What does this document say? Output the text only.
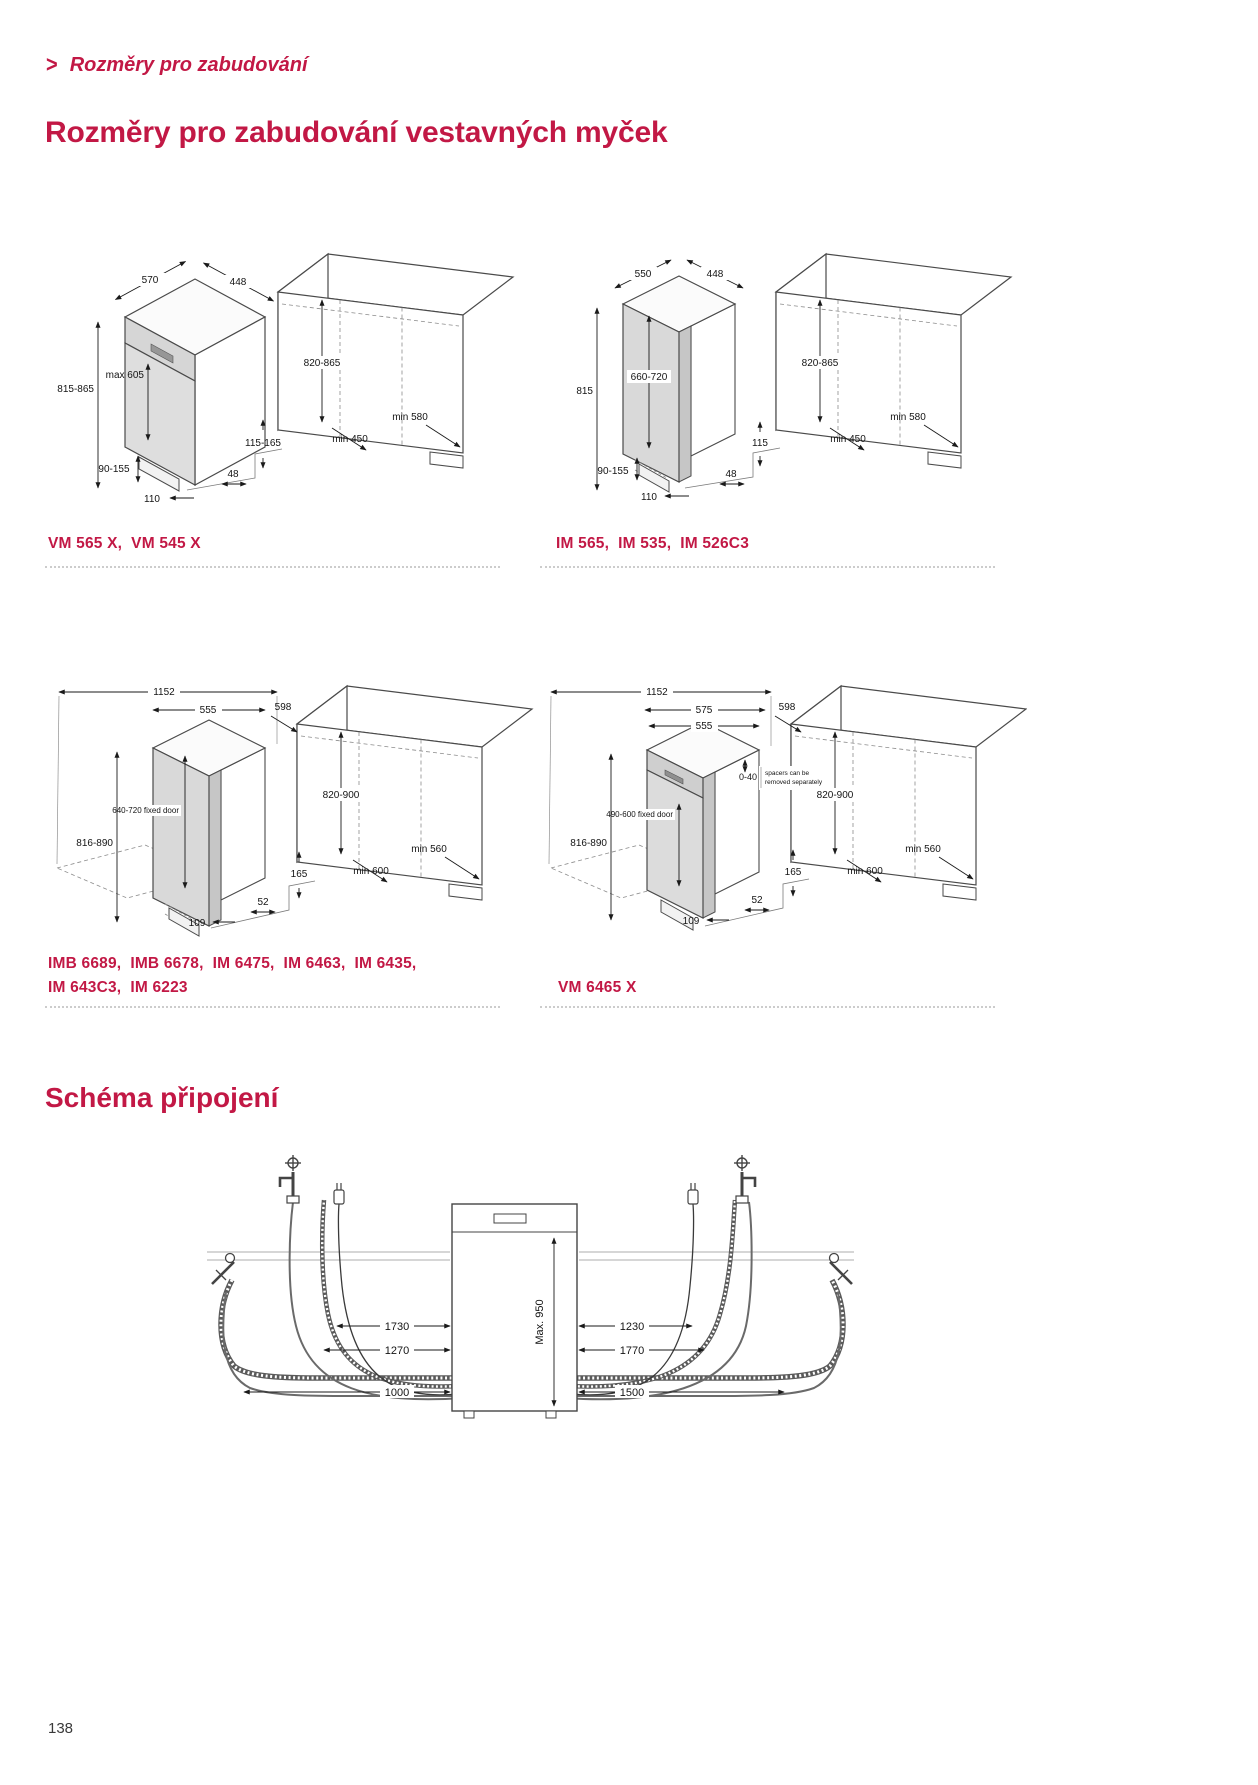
> Rozměry pro zabudování
Rozměry pro zabudování vestavných myček
570	448
815-865
max 605
90-155
110
48
115-165
820-865
min 450
min 580
550	448
815
660-720
90-155
110
48
115
820-865
min 450
min 580
VM 565 X,  VM 545 X	IM 565,  IM 535,  IM 526C3
1152
555	598
640-720 fixed door
816-890
109
52
165
820-900
min 600
min 560
1152
575
555
598
0-40 spacers can be
removed separately
490-600 fixed door
816-890
109
52
165
820-900
min 600
min 560
IMB 6689,  IMB 6678,  IM 6475,  IM 6463,  IM 6435,
IM 643C3,  IM 6223	VM 6465 X
Schéma připojení
Max. 950
1730
1270
1000
1230
1770
1500
138
